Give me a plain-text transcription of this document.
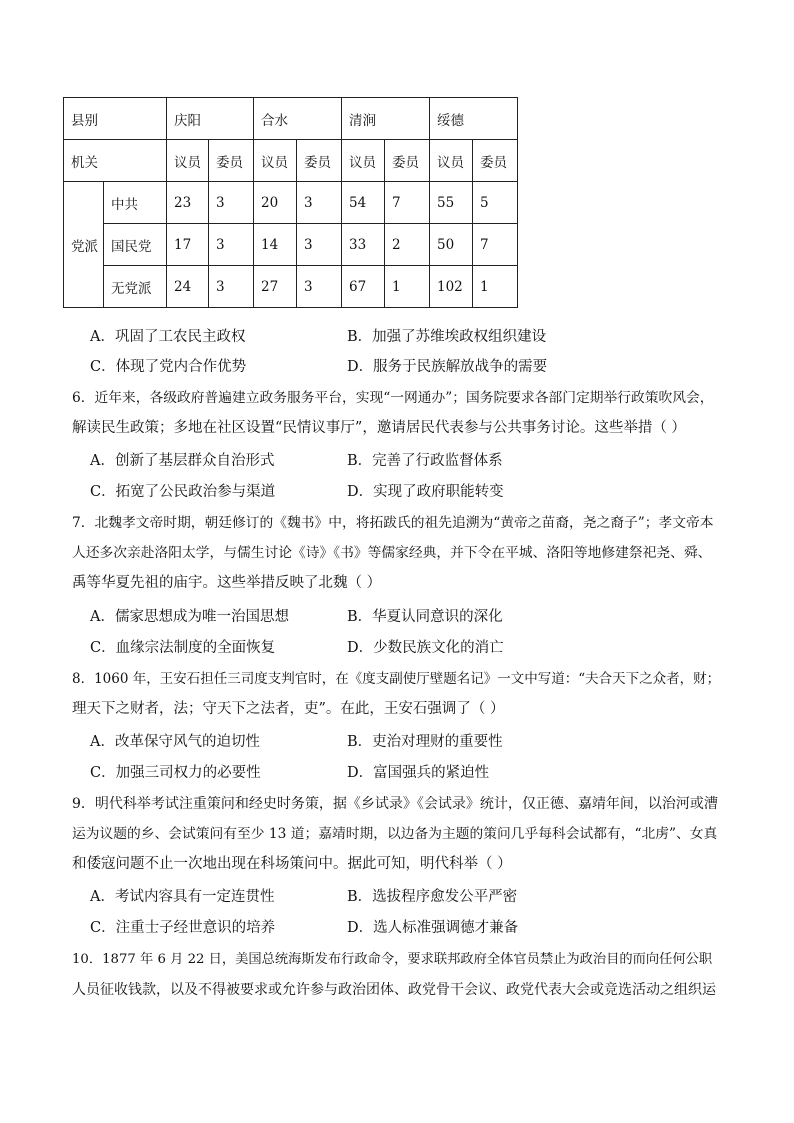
县别		庆阳		合水		清涧		绥德	
机关		议员	委员	议员	委员	议员	委员	议员	委员
党派	中共	23	3	20	3	54	7	55	5
	国民党	17	3	14	3	33	2	50	7
	无党派	24	3	27	3	67	1	102	1
A．巩固了工农民主政权	B．加强了苏维埃政权组织建设
C．体现了党内合作优势	D．服务于民族解放战争的需要
6．近年来，各级政府普遍建立政务服务平台，实现“一网通办”；国务院要求各部门定期举行政策吹风会，
解读民生政策；多地在社区设置“民情议事厅”，邀请居民代表参与公共事务讨论。这些举措（ ）
A．创新了基层群众自治形式	B．完善了行政监督体系
C．拓宽了公民政治参与渠道	D．实现了政府职能转变
7．北魏孝文帝时期，朝廷修订的《魏书》中，将拓跋氏的祖先追溯为“黄帝之苗裔，尧之裔子”；孝文帝本
人还多次亲赴洛阳太学，与儒生讨论《诗》《书》等儒家经典，并下令在平城、洛阳等地修建祭祀尧、舜、
禹等华夏先祖的庙宇。这些举措反映了北魏（ ）
A．儒家思想成为唯一治国思想	B．华夏认同意识的深化
C．血缘宗法制度的全面恢复	D．少数民族文化的消亡
8．1060 年，王安石担任三司度支判官时，在《度支副使厅壁题名记》一文中写道：“夫合天下之众者，财；
理天下之财者，法；守天下之法者，吏”。在此，王安石强调了（ ）
A．改革保守风气的迫切性	B．吏治对理财的重要性
C．加强三司权力的必要性	D．富国强兵的紧迫性
9．明代科举考试注重策问和经史时务策，据《乡试录》《会试录》统计，仅正德、嘉靖年间，以治河或漕
运为议题的乡、会试策问有至少 13 道；嘉靖时期，以边备为主题的策问几乎每科会试都有，“北虏”、女真
和倭寇问题不止一次地出现在科场策问中。据此可知，明代科举（ ）
A．考试内容具有一定连贯性	B．选拔程序愈发公平严密
C．注重士子经世意识的培养	D．选人标准强调德才兼备
10．1877 年 6 月 22 日，美国总统海斯发布行政命令，要求联邦政府全体官员禁止为政治目的而向任何公职
人员征收钱款，以及不得被要求或允许参与政治团体、政党骨干会议、政党代表大会或竞选活动之组织运
